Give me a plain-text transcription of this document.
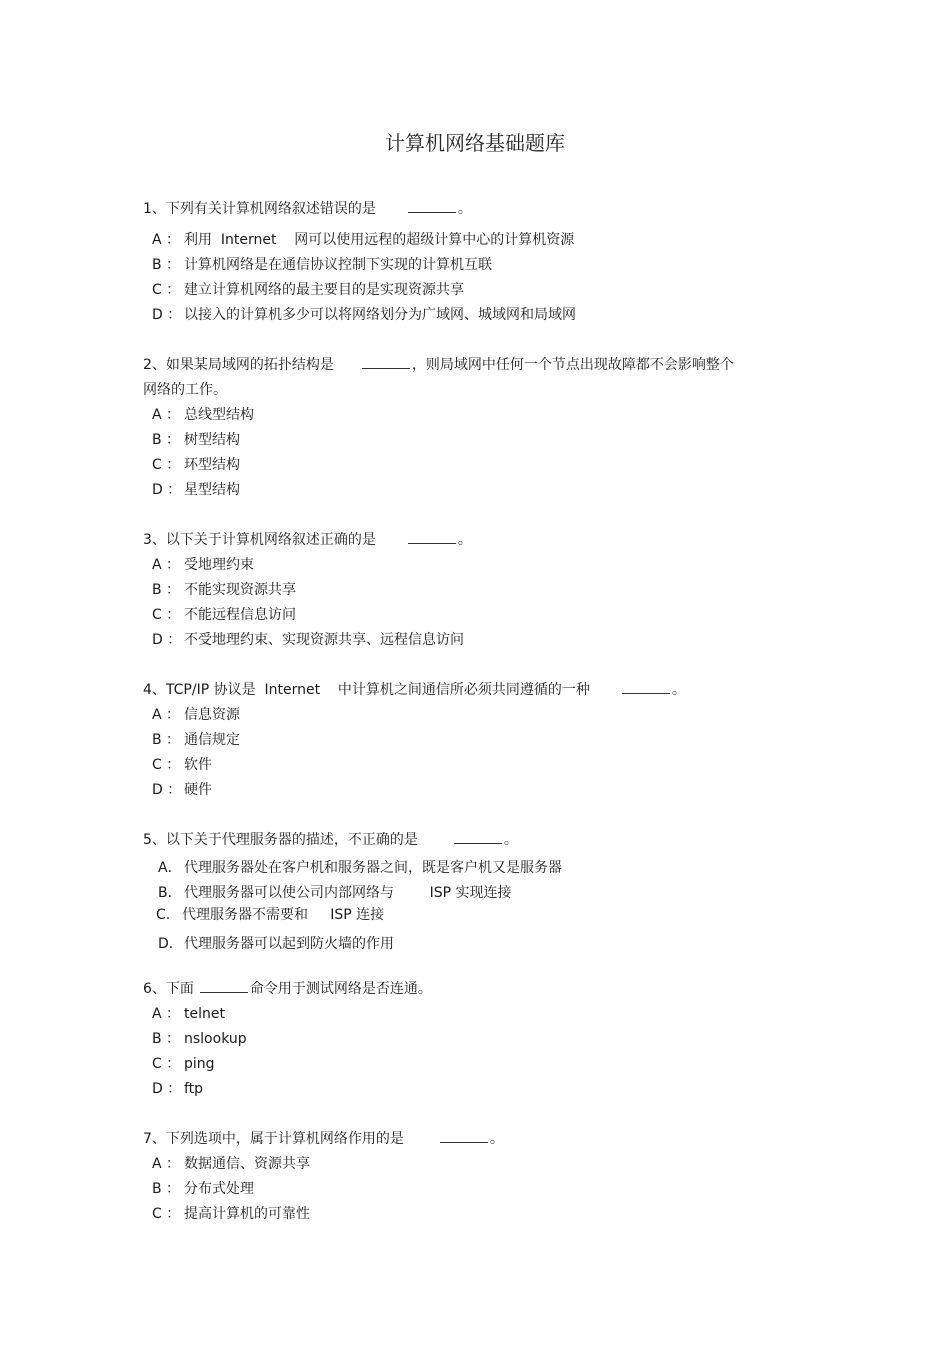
计算机网络基础题库
1、下列有关计算机网络叙述错误的是	。
A ： 利用  Internet    网可以使用远程的超级计算中心的计算机资源
B ： 计算机网络是在通信协议控制下实现的计算机互联
C ： 建立计算机网络的最主要目的是实现资源共享
D ： 以接入的计算机多少可以将网络划分为广域网、城域网和局域网
2、如果某局域网的拓扑结构是	，则局域网中任何一个节点出现故障都不会影响整个
网络的工作。
A ： 总线型结构
B ： 树型结构
C ： 环型结构
D ： 星型结构
3、以下关于计算机网络叙述正确的是	。
A ： 受地理约束
B ： 不能实现资源共享
C ： 不能远程信息访问
D ： 不受地理约束、实现资源共享、远程信息访问
4、TCP/IP 协议是  Internet    中计算机之间通信所必须共同遵循的一种	。
A ： 信息资源
B ： 通信规定
C ： 软件
D ： 硬件
5、以下关于代理服务器的描述，不正确的是	。
A． 代理服务器处在客户机和服务器之间，既是客户机又是服务器
B． 代理服务器可以使公司内部网络与        ISP 实现连接
C. 代理服务器不需要和     ISP 连接
D．代理服务器可以起到防火墙的作用
6、下面	命令用于测试网络是否连通。
A ： telnet
B ： nslookup
C ： ping
D ： ftp
7、下列选项中，属于计算机网络作用的是	。
A ： 数据通信、资源共享
B ： 分布式处理
C ： 提高计算机的可靠性
